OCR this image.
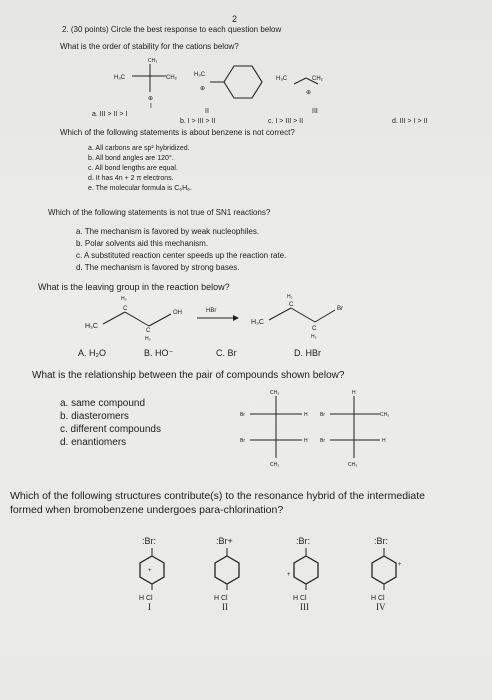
2
2. (30 points) Circle the best response to each question below
What is the order of stability for the cations below?
H₃C
CH₃
CH₂
⊕
H₃C
⊕
H₃C	CH₂
⊕
I
II	III
a. III > II > I
b. I > III > II	c. I > III > II	d. III > I > II
Which of the following statements is about benzene is not correct?
a. All carbons are sp² hybridized.
b. All bond angles are 120°.
c. All bond lengths are equal.
d. It has 4n + 2 π electrons.
e. The molecular formula is C₆H₆.
Which of the following statements is not true of SN1 reactions?
a. The mechanism is favored by weak nucleophiles.
b. Polar solvents aid this mechanism.
c. A substituted reaction center speeds up the reaction rate.
d. The mechanism is favored by strong bases.
What is the leaving group in the reaction below?
H₃C
H₂
C
C
H₂
OH	HBr
H₃C
H₂
C
C
H₂
Br
A. H₂O	B. HO⁻	C. Br	D. HBr
What is the relationship between the pair of compounds shown below?
a. same compound
b. diasteromers
c. different compounds
d. enantiomers
CH₃
Br	H
Br	H
CH₃
H
Br	CH₃
Br	H
CH₃
Which of the following structures contribute(s) to the resonance hybrid of the intermediate
formed when bromobenzene undergoes para-chlorination?
:Br:
+
H Cl
:Br+
H Cl
:Br:
+
H Cl
:Br:
+
H Cl
I	II	III	IV
